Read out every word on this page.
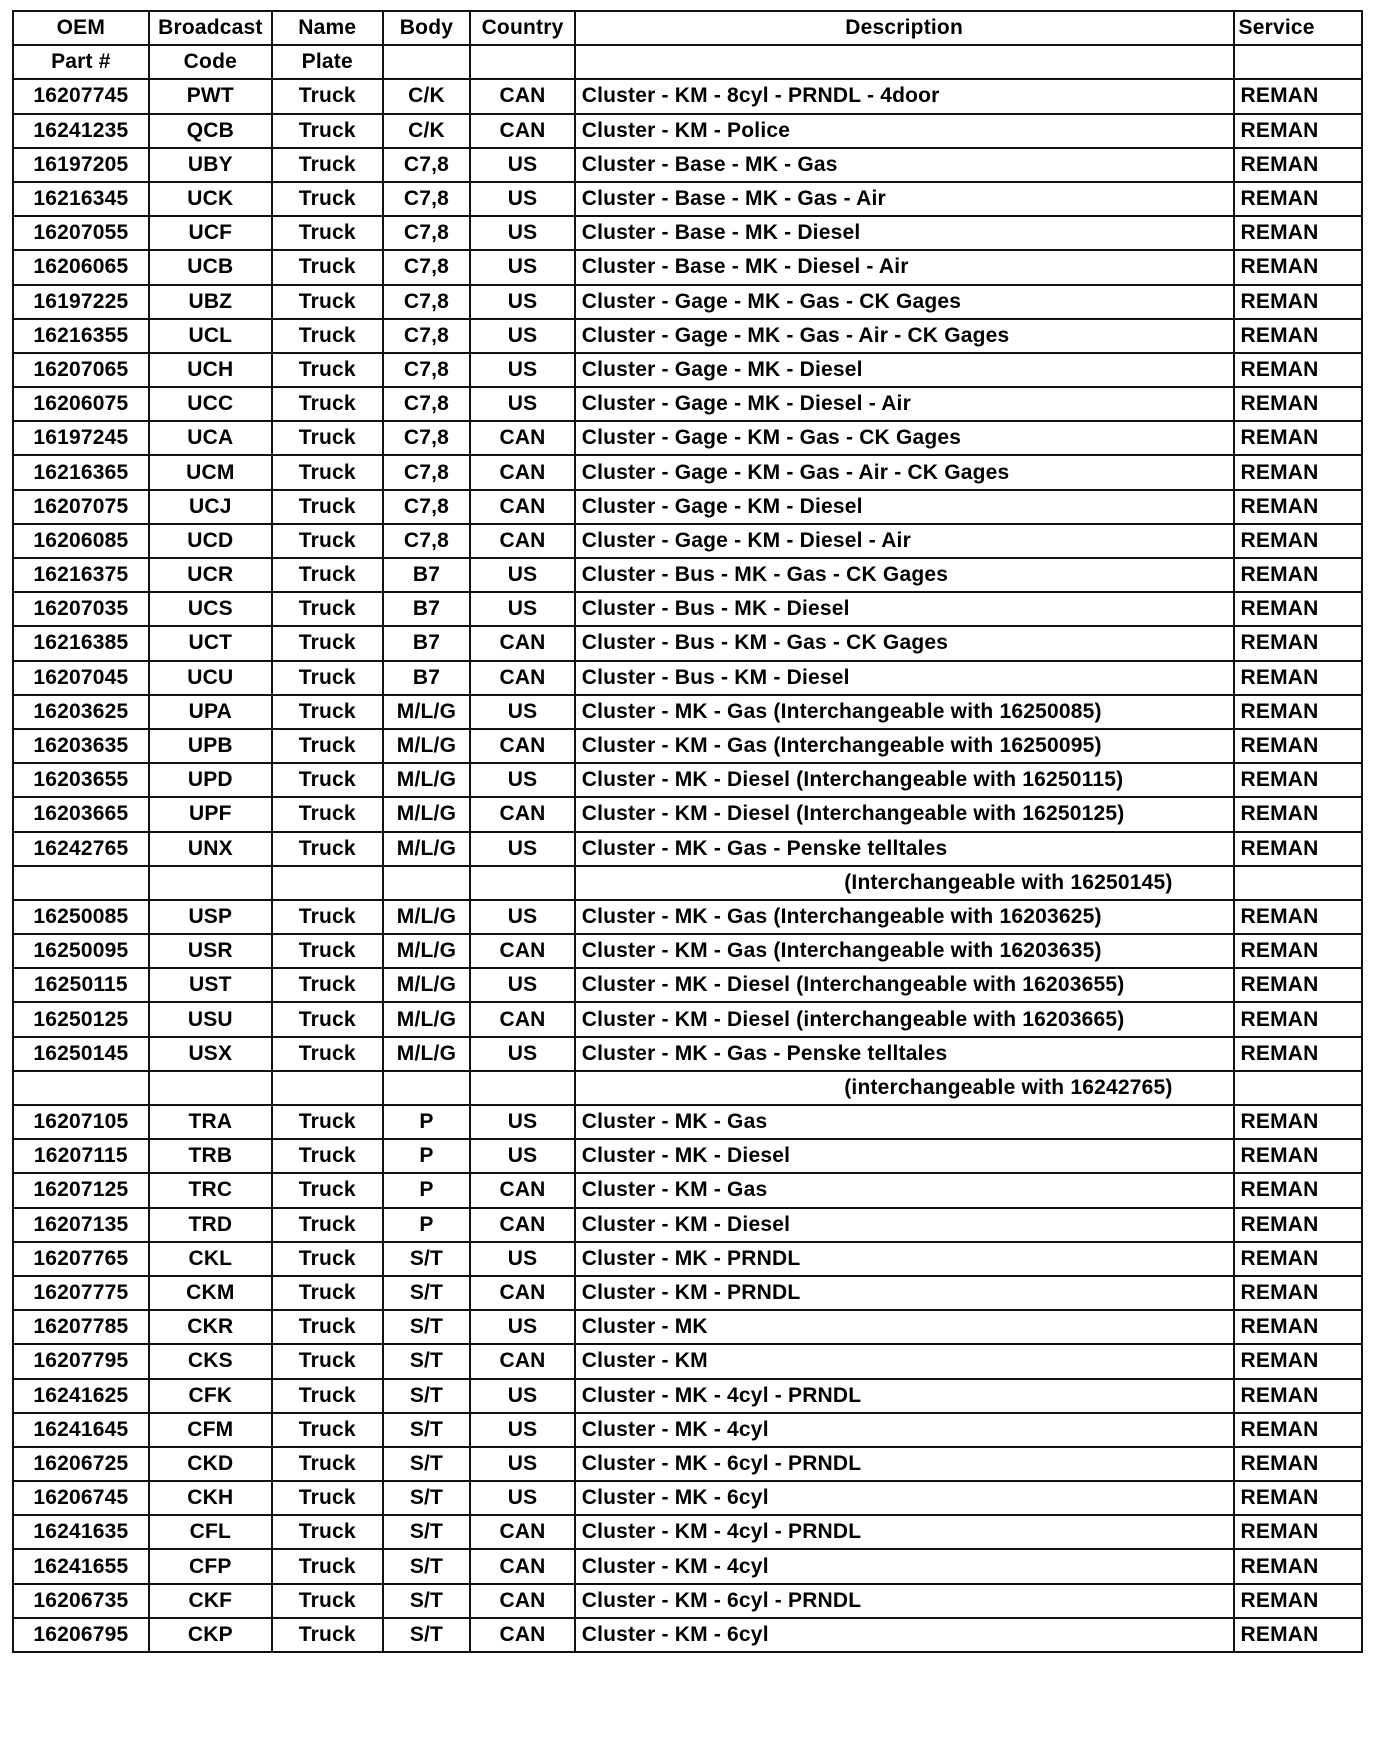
OEM	Broadcast	Name	Body	Country	Description	Service
Part #	Code	Plate				
16207745	PWT	Truck	C/K	CAN	Cluster - KM - 8cyl - PRNDL - 4door	REMAN
16241235	QCB	Truck	C/K	CAN	Cluster - KM - Police	REMAN
16197205	UBY	Truck	C7,8	US	Cluster - Base - MK - Gas	REMAN
16216345	UCK	Truck	C7,8	US	Cluster - Base - MK - Gas - Air	REMAN
16207055	UCF	Truck	C7,8	US	Cluster - Base - MK - Diesel	REMAN
16206065	UCB	Truck	C7,8	US	Cluster - Base - MK - Diesel - Air	REMAN
16197225	UBZ	Truck	C7,8	US	Cluster - Gage - MK - Gas - CK Gages	REMAN
16216355	UCL	Truck	C7,8	US	Cluster - Gage - MK - Gas - Air - CK Gages	REMAN
16207065	UCH	Truck	C7,8	US	Cluster - Gage - MK - Diesel	REMAN
16206075	UCC	Truck	C7,8	US	Cluster - Gage - MK - Diesel - Air	REMAN
16197245	UCA	Truck	C7,8	CAN	Cluster - Gage - KM - Gas - CK Gages	REMAN
16216365	UCM	Truck	C7,8	CAN	Cluster - Gage - KM - Gas - Air - CK Gages	REMAN
16207075	UCJ	Truck	C7,8	CAN	Cluster - Gage - KM - Diesel	REMAN
16206085	UCD	Truck	C7,8	CAN	Cluster - Gage - KM - Diesel - Air	REMAN
16216375	UCR	Truck	B7	US	Cluster - Bus - MK - Gas - CK Gages	REMAN
16207035	UCS	Truck	B7	US	Cluster - Bus - MK - Diesel	REMAN
16216385	UCT	Truck	B7	CAN	Cluster - Bus - KM - Gas - CK Gages	REMAN
16207045	UCU	Truck	B7	CAN	Cluster - Bus - KM - Diesel	REMAN
16203625	UPA	Truck	M/L/G	US	Cluster - MK - Gas (Interchangeable with 16250085)	REMAN
16203635	UPB	Truck	M/L/G	CAN	Cluster - KM - Gas (Interchangeable with 16250095)	REMAN
16203655	UPD	Truck	M/L/G	US	Cluster - MK - Diesel (Interchangeable with 16250115)	REMAN
16203665	UPF	Truck	M/L/G	CAN	Cluster - KM - Diesel (Interchangeable with 16250125)	REMAN
16242765	UNX	Truck	M/L/G	US	Cluster - MK - Gas - Penske telltales	REMAN
					(Interchangeable with 16250145)	
16250085	USP	Truck	M/L/G	US	Cluster - MK - Gas (Interchangeable with 16203625)	REMAN
16250095	USR	Truck	M/L/G	CAN	Cluster - KM - Gas (Interchangeable with 16203635)	REMAN
16250115	UST	Truck	M/L/G	US	Cluster - MK - Diesel (Interchangeable with 16203655)	REMAN
16250125	USU	Truck	M/L/G	CAN	Cluster - KM - Diesel (interchangeable with 16203665)	REMAN
16250145	USX	Truck	M/L/G	US	Cluster - MK - Gas - Penske telltales	REMAN
					(interchangeable with 16242765)	
16207105	TRA	Truck	P	US	Cluster - MK - Gas	REMAN
16207115	TRB	Truck	P	US	Cluster - MK - Diesel	REMAN
16207125	TRC	Truck	P	CAN	Cluster - KM - Gas	REMAN
16207135	TRD	Truck	P	CAN	Cluster - KM - Diesel	REMAN
16207765	CKL	Truck	S/T	US	Cluster - MK - PRNDL	REMAN
16207775	CKM	Truck	S/T	CAN	Cluster - KM - PRNDL	REMAN
16207785	CKR	Truck	S/T	US	Cluster - MK	REMAN
16207795	CKS	Truck	S/T	CAN	Cluster - KM	REMAN
16241625	CFK	Truck	S/T	US	Cluster - MK - 4cyl - PRNDL	REMAN
16241645	CFM	Truck	S/T	US	Cluster - MK - 4cyl	REMAN
16206725	CKD	Truck	S/T	US	Cluster - MK - 6cyl - PRNDL	REMAN
16206745	CKH	Truck	S/T	US	Cluster - MK - 6cyl	REMAN
16241635	CFL	Truck	S/T	CAN	Cluster - KM - 4cyl - PRNDL	REMAN
16241655	CFP	Truck	S/T	CAN	Cluster - KM - 4cyl	REMAN
16206735	CKF	Truck	S/T	CAN	Cluster - KM - 6cyl - PRNDL	REMAN
16206795	CKP	Truck	S/T	CAN	Cluster - KM - 6cyl	REMAN
